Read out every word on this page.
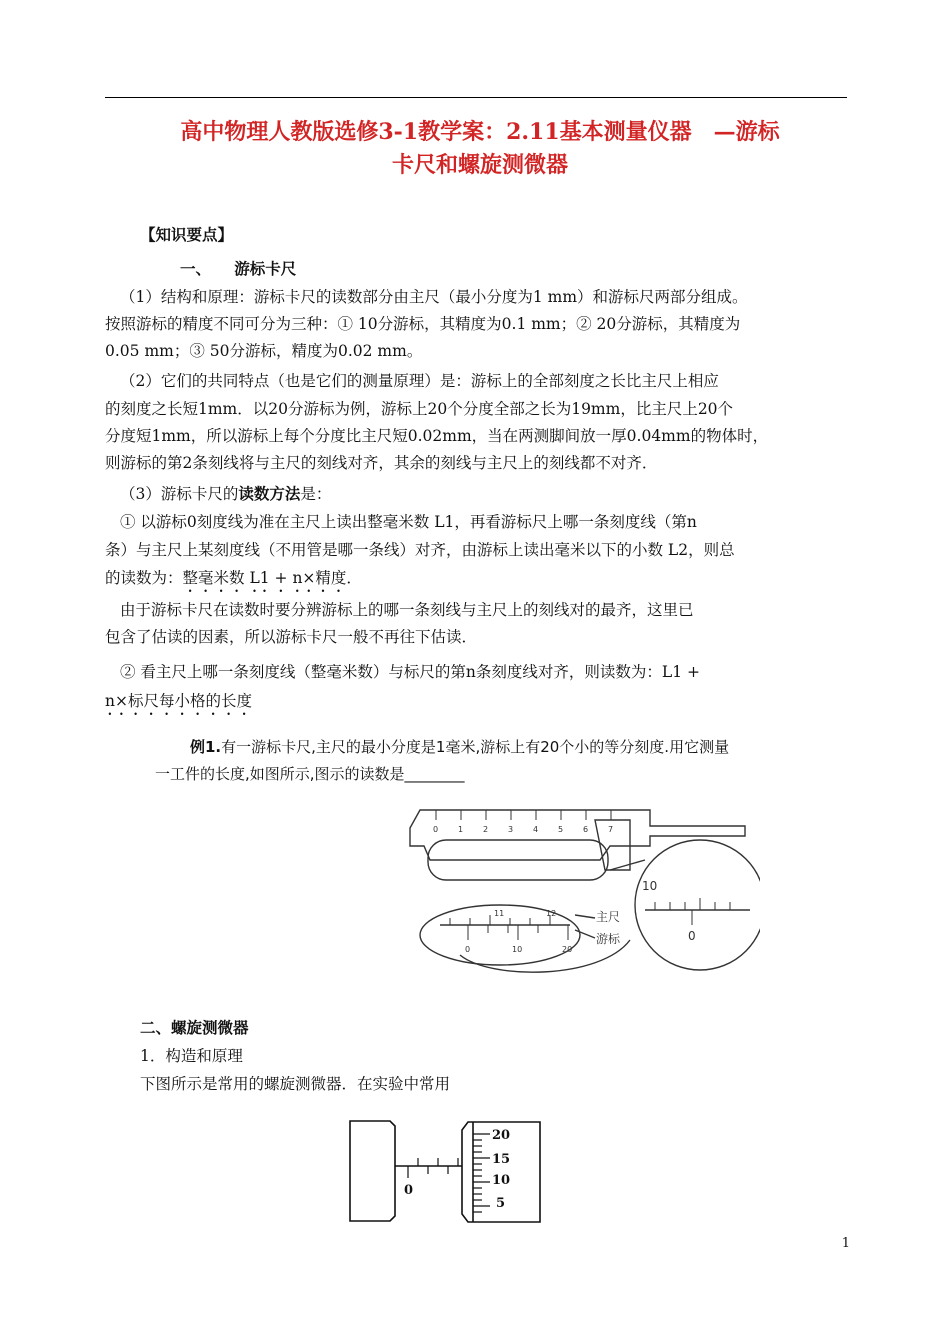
高中物理人教版选修3-1教学案：2.11基本测量仪器　—游标
卡尺和螺旋测微器
【知识要点】
一、　　游标卡尺
（1）结构和原理：游标卡尺的读数部分由主尺（最小分度为1 mm）和游标尺两部分组成。
按照游标的精度不同可分为三种：① 10分游标，其精度为0.1 mm；② 20分游标，其精度为
0.05 mm；③ 50分游标，精度为0.02 mm。
（2）它们的共同特点（也是它们的测量原理）是：游标上的全部刻度之长比主尺上相应
的刻度之长短1mm．以20分游标为例，游标上20个分度全部之长为19mm，比主尺上20个
分度短1mm，所以游标上每个分度比主尺短0.02mm，当在两测脚间放一厚0.04mm的物体时，
则游标的第2条刻线将与主尺的刻线对齐，其余的刻线与主尺上的刻线都不对齐．
（3）游标卡尺的读数方法是：
① 以游标0刻度线为准在主尺上读出整毫米数 L1，再看游标尺上哪一条刻度线（第n
条）与主尺上某刻度线（不用管是哪一条线）对齐，由游标上读出毫米以下的小数 L2，则总
的读数为：整毫米数 L1 + n×精度．
由于游标卡尺在读数时要分辨游标上的哪一条刻线与主尺上的刻线对的最齐，这里已
包含了估读的因素，所以游标卡尺一般不再往下估读．
② 看主尺上哪一条刻度线（整毫米数）与标尺的第n条刻度线对齐，则读数为：L1 +
n×标尺每小格的长度
例1.有一游标卡尺,主尺的最小分度是1毫米,游标上有20个小的等分刻度.用它测量
一工件的长度,如图所示,图示的读数是________
0 1 2 3 4 5 6 7
11	12
0	10	20
主尺
游标
10
0
二、螺旋测微器
1．构造和原理
下图所示是常用的螺旋测微器．在实验中常用
0
20
15
10
5
1
